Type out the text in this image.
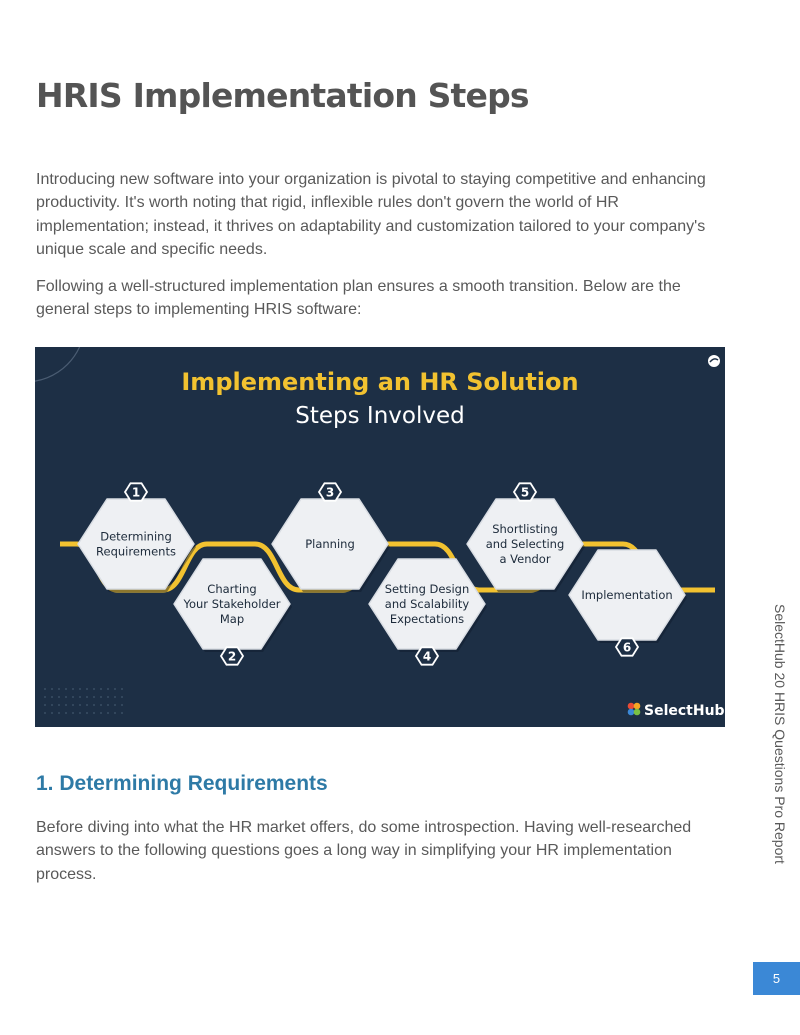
HRIS Implementation Steps

Introducing new software into your organization is pivotal to staying competitive and enhancing productivity. It's worth noting that rigid, inflexible rules don't govern the world of HR implementation; instead, it thrives on adaptability and customization tailored to your company's unique scale and specific needs.

Following a well-structured implementation plan ensures a smooth transition. Below are the general steps to implementing HRIS software:

Implementing an HR Solution
Steps Involved
Determining
Requirements
1
Charting
Your Stakeholder
Map
2
Planning
3
Setting Design
and Scalability
Expectations
4
Shortlisting
and Selecting
a Vendor
5
Implementation
6
SelectHub
1. Determining Requirements

Before diving into what the HR market offers, do some introspection. Having well-researched answers to the following questions goes a long way in simplifying your HR implementation process.

SelectHub 20 HRIS Questions Pro Report
5
